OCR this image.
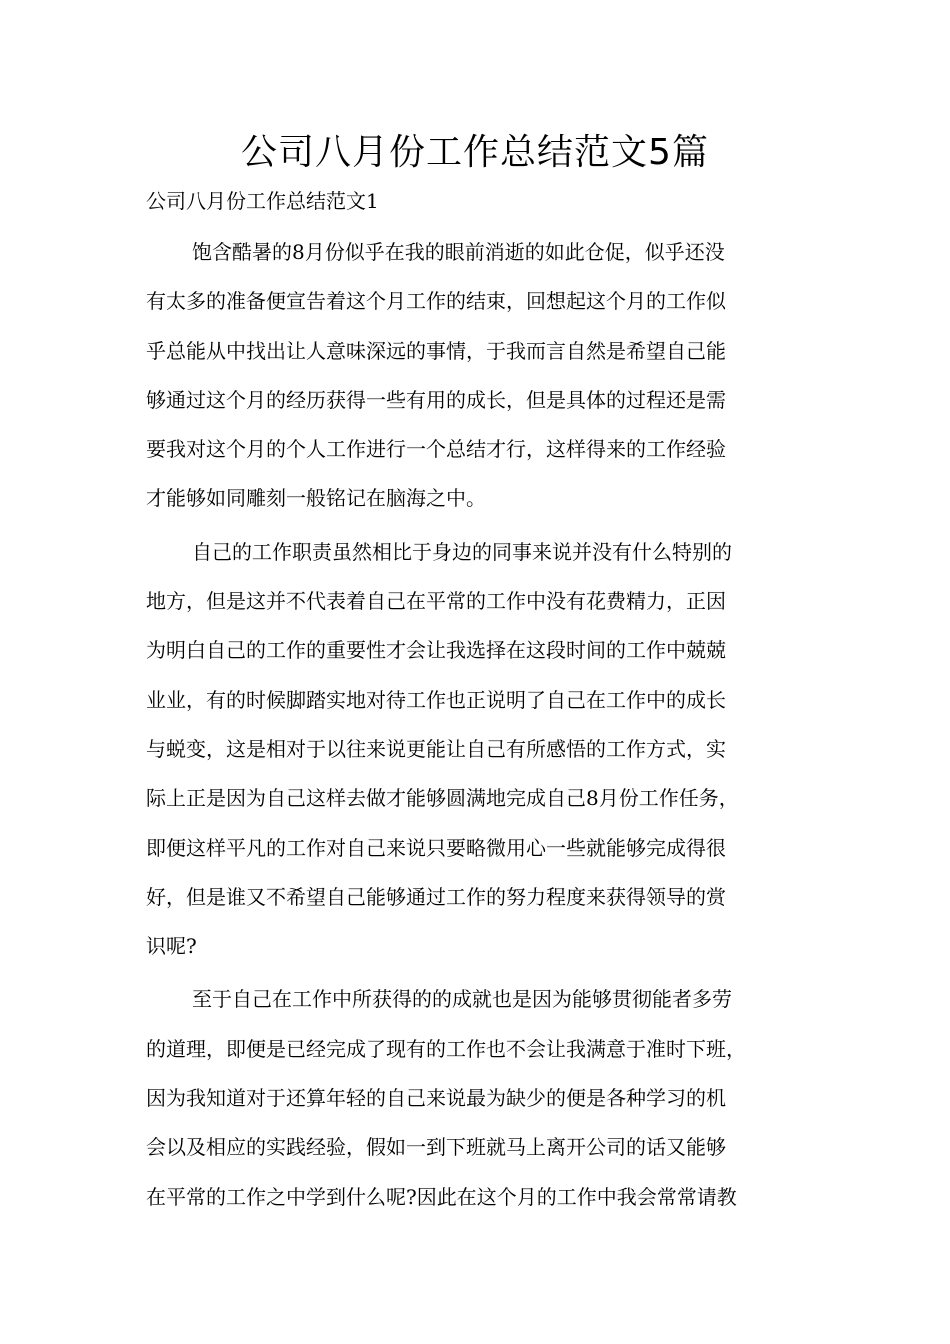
公司八月份工作总结范文5篇

公司八月份工作总结范文1

饱含酷暑的8月份似乎在我的眼前消逝的如此仓促，似乎还没
有太多的准备便宣告着这个月工作的结束，回想起这个月的工作似
乎总能从中找出让人意味深远的事情，于我而言自然是希望自己能
够通过这个月的经历获得一些有用的成长，但是具体的过程还是需
要我对这个月的个人工作进行一个总结才行，这样得来的工作经验
才能够如同雕刻一般铭记在脑海之中。
自己的工作职责虽然相比于身边的同事来说并没有什么特别的
地方，但是这并不代表着自己在平常的工作中没有花费精力，正因
为明白自己的工作的重要性才会让我选择在这段时间的工作中兢兢
业业，有的时候脚踏实地对待工作也正说明了自己在工作中的成长
与蜕变，这是相对于以往来说更能让自己有所感悟的工作方式，实
际上正是因为自己这样去做才能够圆满地完成自己8月份工作任务，
即便这样平凡的工作对自己来说只要略微用心一些就能够完成得很
好，但是谁又不希望自己能够通过工作的努力程度来获得领导的赏
识呢?
至于自己在工作中所获得的的成就也是因为能够贯彻能者多劳
的道理，即便是已经完成了现有的工作也不会让我满意于准时下班，
因为我知道对于还算年轻的自己来说最为缺少的便是各种学习的机
会以及相应的实践经验，假如一到下班就马上离开公司的话又能够
在平常的工作之中学到什么呢?因此在这个月的工作中我会常常请教
